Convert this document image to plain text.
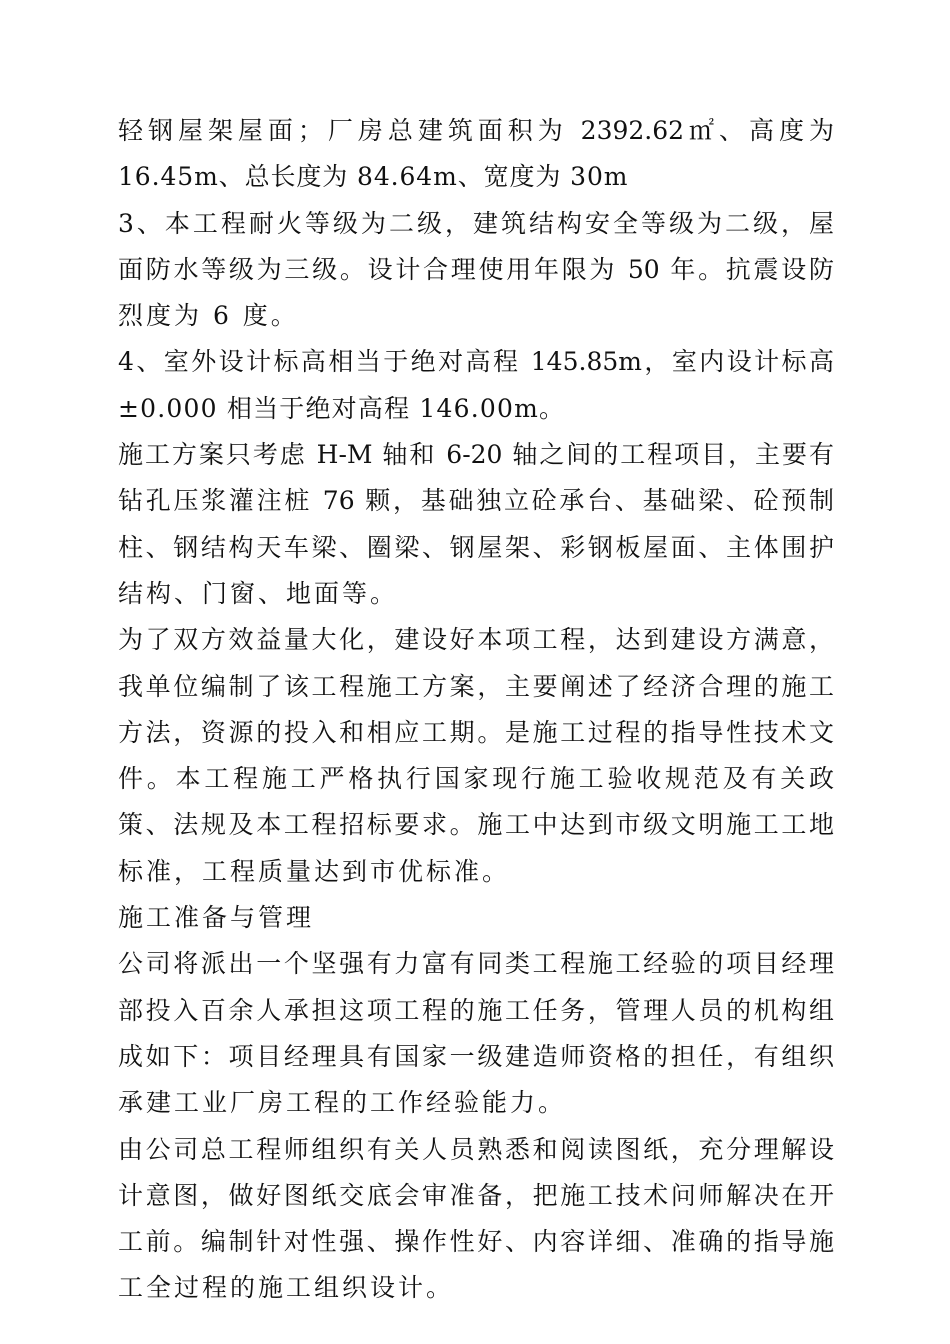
轻钢屋架屋面；厂房总建筑面积为 2392.62㎡、高度为
16.45m、总长度为 84.64m、宽度为 30m
3、本工程耐火等级为二级，建筑结构安全等级为二级，屋
面防水等级为三级。设计合理使用年限为 50 年。抗震设防
烈度为 6 度。
4、室外设计标高相当于绝对高程 145.85m，室内设计标高
±0.000 相当于绝对高程 146.00m。
施工方案只考虑 H-M 轴和 6-20 轴之间的工程项目，主要有
钻孔压浆灌注桩 76 颗，基础独立砼承台、基础梁、砼预制
柱、钢结构天车梁、圈梁、钢屋架、彩钢板屋面、主体围护
结构、门窗、地面等。
为了双方效益量大化，建设好本项工程，达到建设方满意，
我单位编制了该工程施工方案，主要阐述了经济合理的施工
方法，资源的投入和相应工期。是施工过程的指导性技术文
件。本工程施工严格执行国家现行施工验收规范及有关政
策、法规及本工程招标要求。施工中达到市级文明施工工地
标准，工程质量达到市优标准。
施工准备与管理
公司将派出一个坚强有力富有同类工程施工经验的项目经理
部投入百余人承担这项工程的施工任务，管理人员的机构组
成如下：项目经理具有国家一级建造师资格的担任，有组织
承建工业厂房工程的工作经验能力。
由公司总工程师组织有关人员熟悉和阅读图纸，充分理解设
计意图，做好图纸交底会审准备，把施工技术问师解决在开
工前。编制针对性强、操作性好、内容详细、准确的指导施
工全过程的施工组织设计。
